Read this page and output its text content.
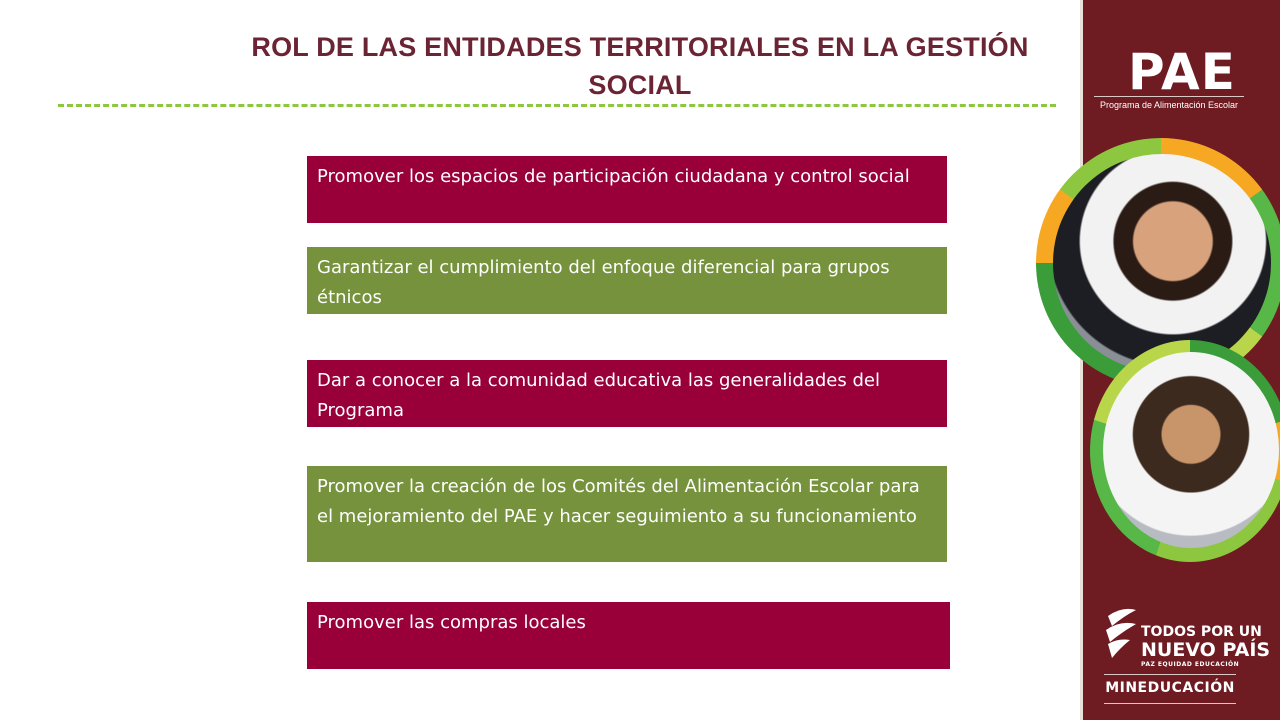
ROL DE LAS ENTIDADES TERRITORIALES EN LA GESTIÓN SOCIAL
Promover los espacios de participación ciudadana y control social
Garantizar el cumplimiento del enfoque diferencial para grupos étnicos
Dar a conocer a la comunidad educativa las generalidades del Programa
Promover la creación de los Comités del Alimentación Escolar para el mejoramiento del PAE y hacer seguimiento a su funcionamiento
Promover las compras locales
PAE
Programa de Alimentación Escolar
TODOS POR UN
NUEVO PAÍS
PAZ EQUIDAD EDUCACIÓN
MINEDUCACIÓN
